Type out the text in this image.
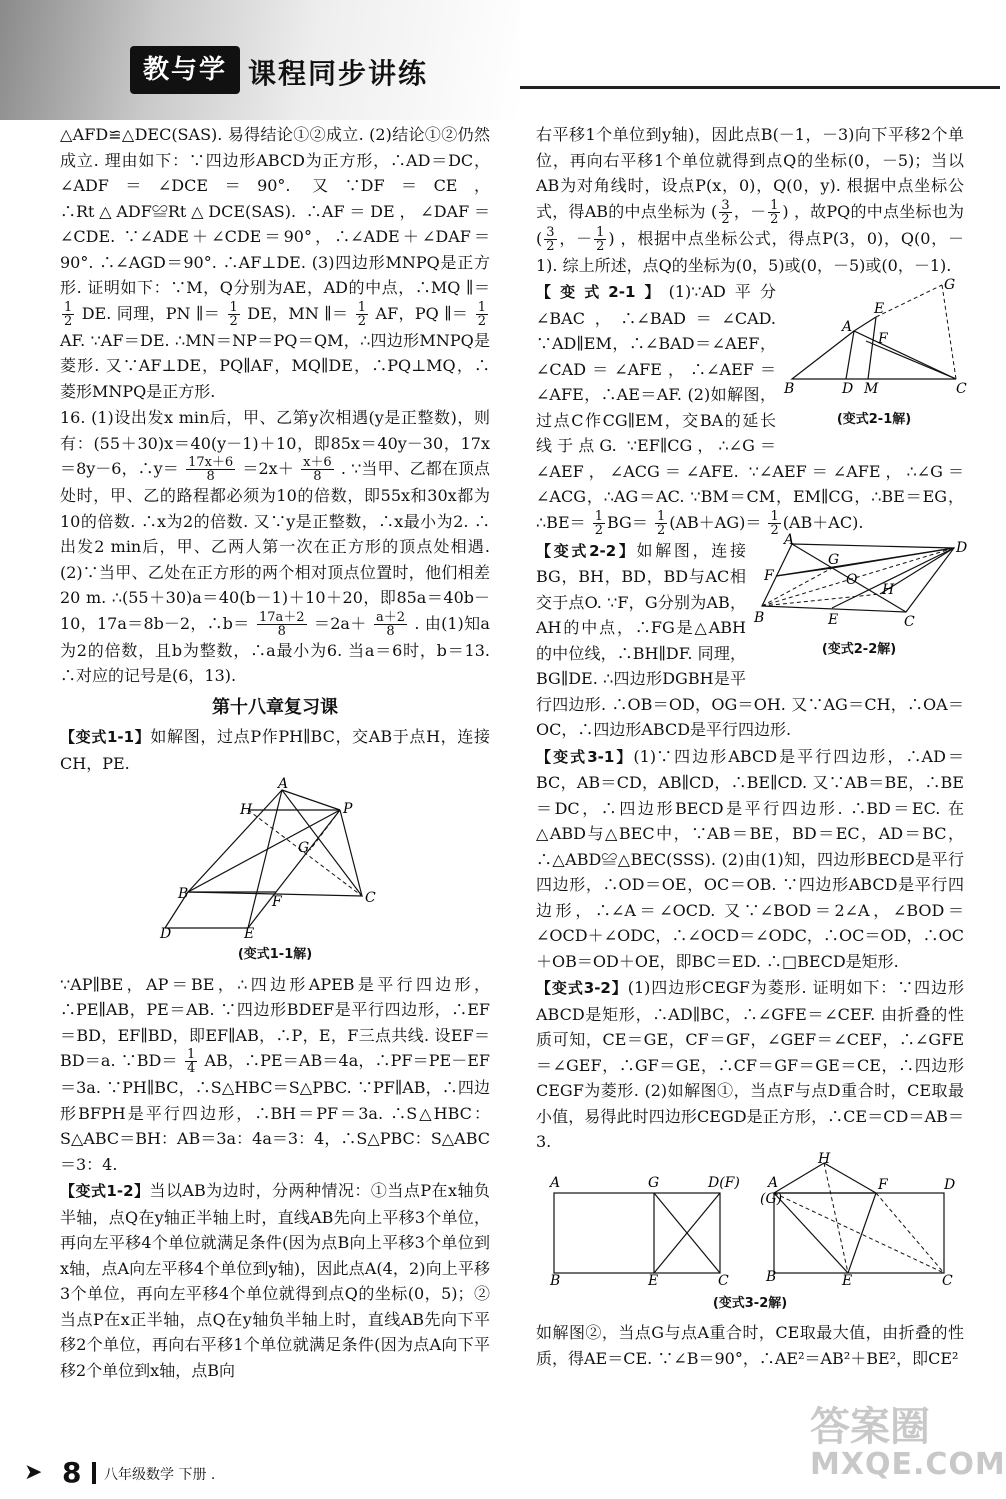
教与学 课程同步讲练

△AFD≌△DEC(SAS). 易得结论①②成立. (2)结论①②仍然成立. 理由如下：∵四边形ABCD为正方形，∴AD＝DC，∠ADF＝∠DCE＝90°. 又∵DF＝CE，∴Rt△ADF≌Rt△DCE(SAS). ∴AF＝DE，∠DAF＝∠CDE. ∵∠ADE＋∠CDE＝90°，∴∠ADE＋∠DAF＝90°. ∴∠AGD＝90°. ∴AF⊥DE. (3)四边形MNPQ是正方形. 证明如下：∵M，Q分别为AE，AD的中点，∴MQ ∥＝
$\frac{1}{2}$ DE. 同理，PN ∥＝ $\frac{1}{2}$ DE，MN ∥＝ $\frac{1}{2}$ AF，PQ ∥＝ $\frac{1}{2}$
AF. ∵AF＝DE. ∴MN＝NP＝PQ＝QM，∴四边形MNPQ是菱形. 又∵AF⊥DE，PQ∥AF，MQ∥DE，∴PQ⊥MQ，∴菱形MNPQ是正方形.

16. (1)设出发x min后，甲、乙第y次相遇(y是正整数)，则有：(55＋30)x＝40(y－1)＋10，即85x＝40y－30，17x＝8y－6，∴y＝ $\frac{17x+6}{8} =2x+ \frac{x+6}{8}$ . ∵当甲、乙都在顶点处时，甲、乙的路程都必须为10的倍数，即55x和30x都为10的倍数. ∴x为2的倍数. 又∵y是正整数，∴x最小为2. ∴出发2 min后，甲、乙两人第一次在正方形的顶点处相遇. (2)∵当甲、乙处在正方形的两个相对顶点位置时，他们相差20 m. ∴(55＋30)a＝40(b－1)＋10＋20，即85a＝40b－10，17a＝8b－2，∴b＝ $\frac{17a+2}{8} =2a+ \frac{a+2}{8}$ . 由(1)知a为2的倍数，且b为整数，∴a最小为6. 当a＝6时，b＝13. ∴对应的记号是(6，13).

第十八章复习课

【变式1-1】如解图，过点P作PH∥BC，交AB于点H，连接CH，PE.

A
H	P
G
B	C
F
D	E
(变式1-1解)

∵AP∥BE，AP＝BE，∴四边形APEB是平行四边形，∴PE∥AB，PE＝AB. ∵四边形BDEF是平行四边形，∴EF＝BD，EF∥BD，即EF∥AB，∴P，E，F三点共线. 设EF＝BD＝a. ∵BD＝ $\frac{1}{4}$ AB，∴PE＝AB＝4a，∴PF＝PE－EF＝3a. ∵PH∥BC，∴S△HBC＝S△PBC. ∵PF∥AB，∴四边形BFPH是平行四边形，∴BH＝PF＝3a. ∴S△HBC：S△ABC＝BH：AB＝3a：4a＝3：4，∴S△PBC：S△ABC＝3：4.

【变式1-2】当以AB为边时，分两种情况：①当点P在x轴负半轴，点Q在y轴正半轴上时，直线AB先向上平移3个单位，再向左平移4个单位就满足条件(因为点B向上平移3个单位到x轴，点A向左平移4个单位到y轴)，因此点A(4，2)向上平移3个单位，再向左平移4个单位就得到点Q的坐标(0，5)；②当点P在x正半轴，点Q在y轴负半轴上时，直线AB先向下平移2个单位，再向右平移1个单位就满足条件(因为点A向下平移2个单位到x轴，点B向

右平移1个单位到y轴)，因此点B(－1，－3)向下平移2个单位，再向右平移1个单位就得到点Q的坐标(0，－5)；当以AB为对角线时，设点P(x，0)，Q(0，y). 根据中点坐标公式，得AB的中点坐标为 ( $\frac{3}{2}$ ，－ $\frac{1}{2}$ ) ，故PQ的中点坐标也为 ( $\frac{3}{2}$ ，－ $\frac{1}{2}$ ) ，根据中点坐标公式，得点P(3，0)，Q(0，－1). 综上所述，点Q的坐标为(0，5)或(0，－5)或(0，－1).

B	D M	C
A
E
F
G
(变式2-1解)

【变式2-1】(1)∵AD平分∠BAC，∴∠BAD＝∠CAD. ∵AD∥EM，∴∠BAD＝∠AEF，∠CAD＝∠AFE，∴∠AEF＝∠AFE，∴AE＝AF. (2)如解图，过点C作CG∥EM，交BA的延长线于点G. ∵EF∥CG，∴∠G＝∠AEF，∠ACG＝∠AFE. ∵∠AEF＝∠AFE，∴∠G＝∠ACG，∴AG＝AC. ∵BM＝CM，EM∥CG，∴BE＝EG，∴BE＝ $\frac{1}{2} BG= \frac{1}{2} (AB+AG)= \frac{1}{2} (AB+AC)$.

A	D
G
O
F
H
B	E	C
(变式2-2解)

【变式2-2】如解图，连接BG，BH，BD，BD与AC相交于点O. ∵F，G分别为AB，AH的中点，∴FG是△ABH的中位线，∴BH∥DF. 同理，BG∥DE. ∴四边形DGBH是平行四边形. ∴OB＝OD，OG＝OH. 又∵AG＝CH，∴OA＝OC，∴四边形ABCD是平行四边形.

【变式3-1】(1)∵四边形ABCD是平行四边形，∴AD＝BC，AB＝CD，AB∥CD，∴BE∥CD. 又∵AB＝BE，∴BE＝DC，∴四边形BECD是平行四边形. ∴BD＝EC. 在△ABD与△BEC中，∵AB＝BE，BD＝EC，AD＝BC，∴△ABD≌△BEC(SSS). (2)由(1)知，四边形BECD是平行四边形，∴OD＝OE，OC＝OB. ∵四边形ABCD是平行四边形，∴∠A＝∠OCD. 又∵∠BOD＝2∠A，∠BOD＝∠OCD＋∠ODC，∴∠OCD＝∠ODC，∴OC＝OD，∴OC＋OB＝OD＋OE，即BC＝ED. ∴□BECD是矩形.

【变式3-2】(1)四边形CEGF为菱形. 证明如下：∵四边形ABCD是矩形，∴AD∥BC，∴∠GFE＝∠CEF. 由折叠的性质可知，CE＝GE，CF＝GF，∠GEF＝∠CEF，∴∠GFE＝∠GEF，∴GF＝GE，∴CF＝GF＝GE＝CE，∴四边形CEGF为菱形. (2)如解图①，当点F与点D重合时，CE取最小值，易得此时四边形CEGD是正方形，∴CE＝CD＝AB＝3.

A	G	D(F)
B	E	C
H
A
(G)
F	D
B	E	C
(变式3-2解)

如解图②，当点G与点A重合时，CE取最大值，由折叠的性质，得AE＝CE. ∵∠B＝90°，∴AE²＝AB²＋BE²，即CE²

➤ 8 八年级数学 下册 .
答案圈
MXQE.COM
